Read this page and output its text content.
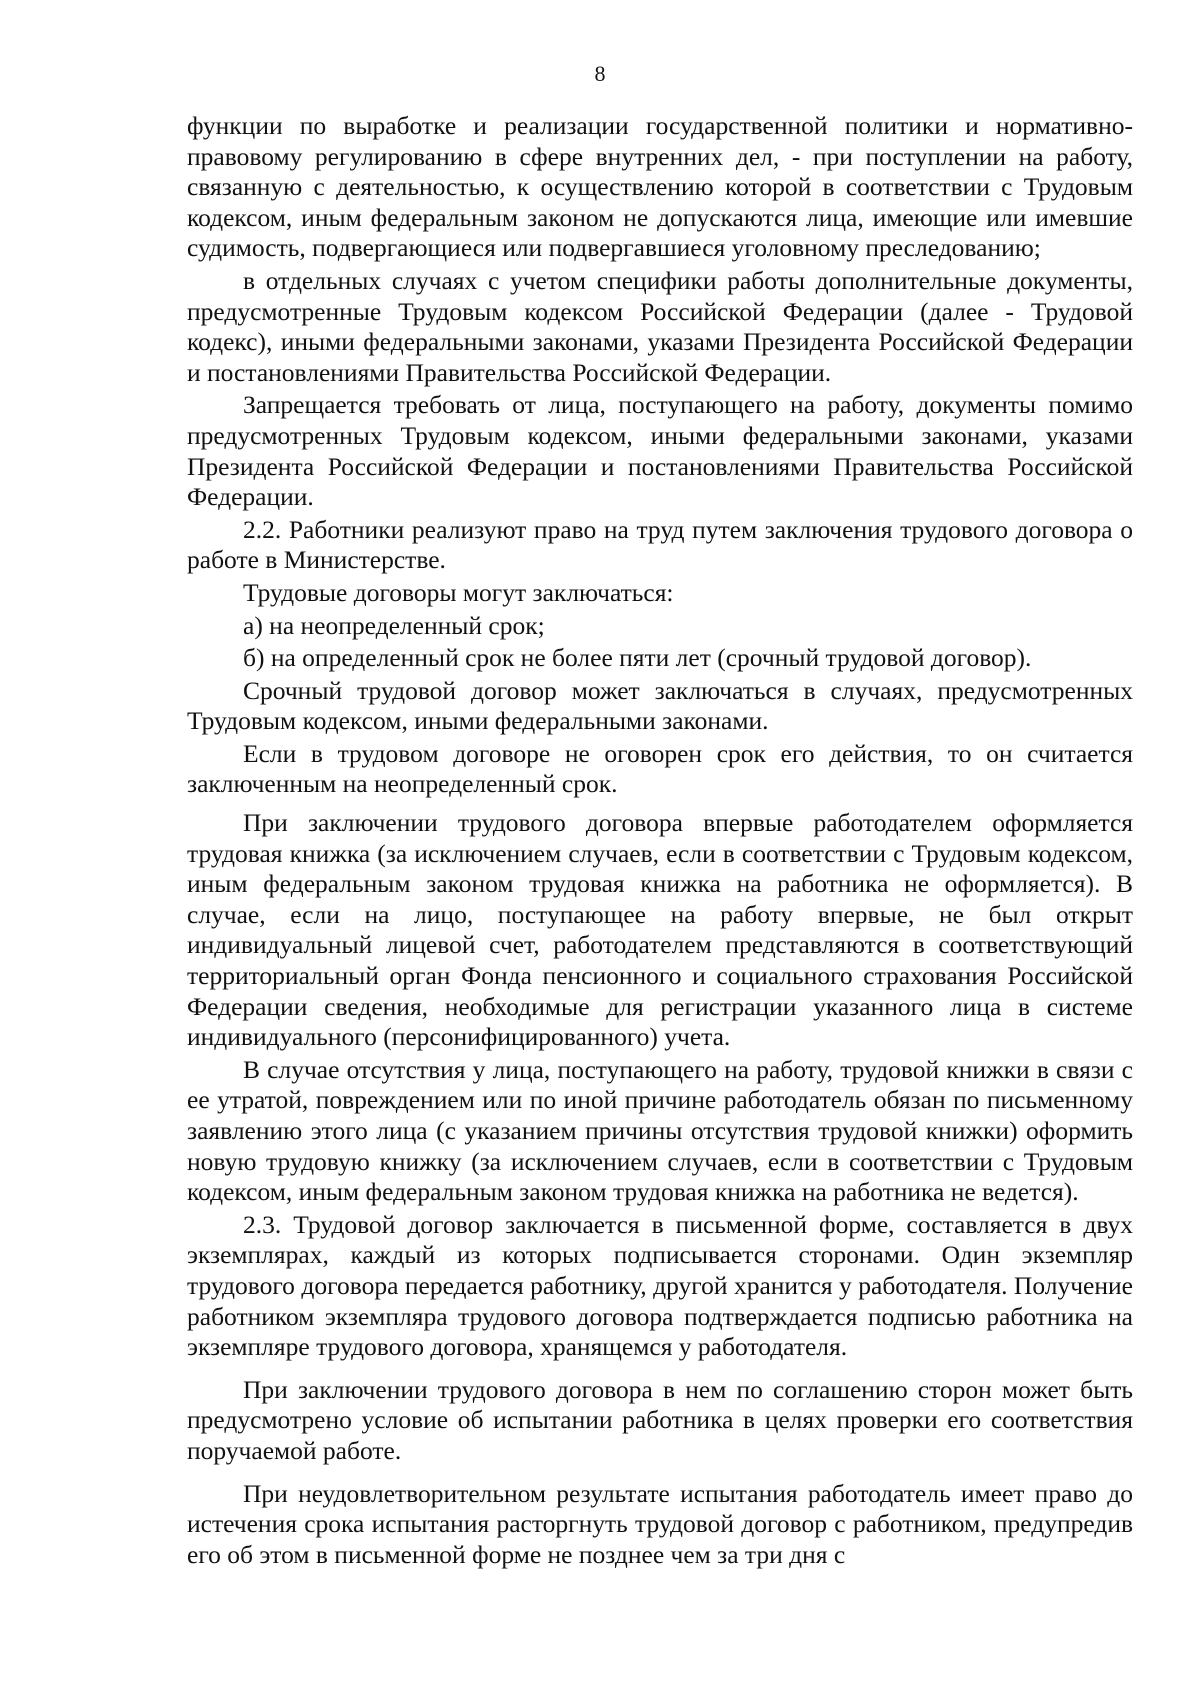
8

функции по выработке и реализации государственной политики и нормативно-правовому регулированию в сфере внутренних дел, - при поступлении на работу, связанную с деятельностью, к осуществлению которой в соответствии с Трудовым кодексом, иным федеральным законом не допускаются лица, имеющие или имевшие судимость, подвергающиеся или подвергавшиеся уголовному преследованию;

в отдельных случаях с учетом специфики работы дополнительные документы, предусмотренные Трудовым кодексом Российской Федерации (далее - Трудовой кодекс), иными федеральными законами, указами Президента Российской Федерации и постановлениями Правительства Российской Федерации.

Запрещается требовать от лица, поступающего на работу, документы помимо предусмотренных Трудовым кодексом, иными федеральными законами, указами Президента Российской Федерации и постановлениями Правительства Российской Федерации.

2.2. Работники реализуют право на труд путем заключения трудового договора о работе в Министерстве.

Трудовые договоры могут заключаться:

а) на неопределенный срок;

б) на определенный срок не более пяти лет (срочный трудовой договор).

Срочный трудовой договор может заключаться в случаях, предусмотренных Трудовым кодексом, иными федеральными законами.

Если в трудовом договоре не оговорен срок его действия, то он считается заключенным на неопределенный срок.

При заключении трудового договора впервые работодателем оформляется трудовая книжка (за исключением случаев, если в соответствии с Трудовым кодексом, иным федеральным законом трудовая книжка на работника не оформляется). В случае, если на лицо, поступающее на работу впервые, не был открыт индивидуальный лицевой счет, работодателем представляются в соответствующий территориальный орган Фонда пенсионного и социального страхования Российской Федерации сведения, необходимые для регистрации указанного лица в системе индивидуального (персонифицированного) учета.

В случае отсутствия у лица, поступающего на работу, трудовой книжки в связи с ее утратой, повреждением или по иной причине работодатель обязан по письменному заявлению этого лица (с указанием причины отсутствия трудовой книжки) оформить новую трудовую книжку (за исключением случаев, если в соответствии с Трудовым кодексом, иным федеральным законом трудовая книжка на работника не ведется).

2.3. Трудовой договор заключается в письменной форме, составляется в двух экземплярах, каждый из которых подписывается сторонами. Один экземпляр трудового договора передается работнику, другой хранится у работодателя. Получение работником экземпляра трудового договора подтверждается подписью работника на экземпляре трудового договора, хранящемся у работодателя.

При заключении трудового договора в нем по соглашению сторон может быть предусмотрено условие об испытании работника в целях проверки его соответствия поручаемой работе.

При неудовлетворительном результате испытания работодатель имеет право до истечения срока испытания расторгнуть трудовой договор с работником, предупредив его об этом в письменной форме не позднее чем за три дня с
